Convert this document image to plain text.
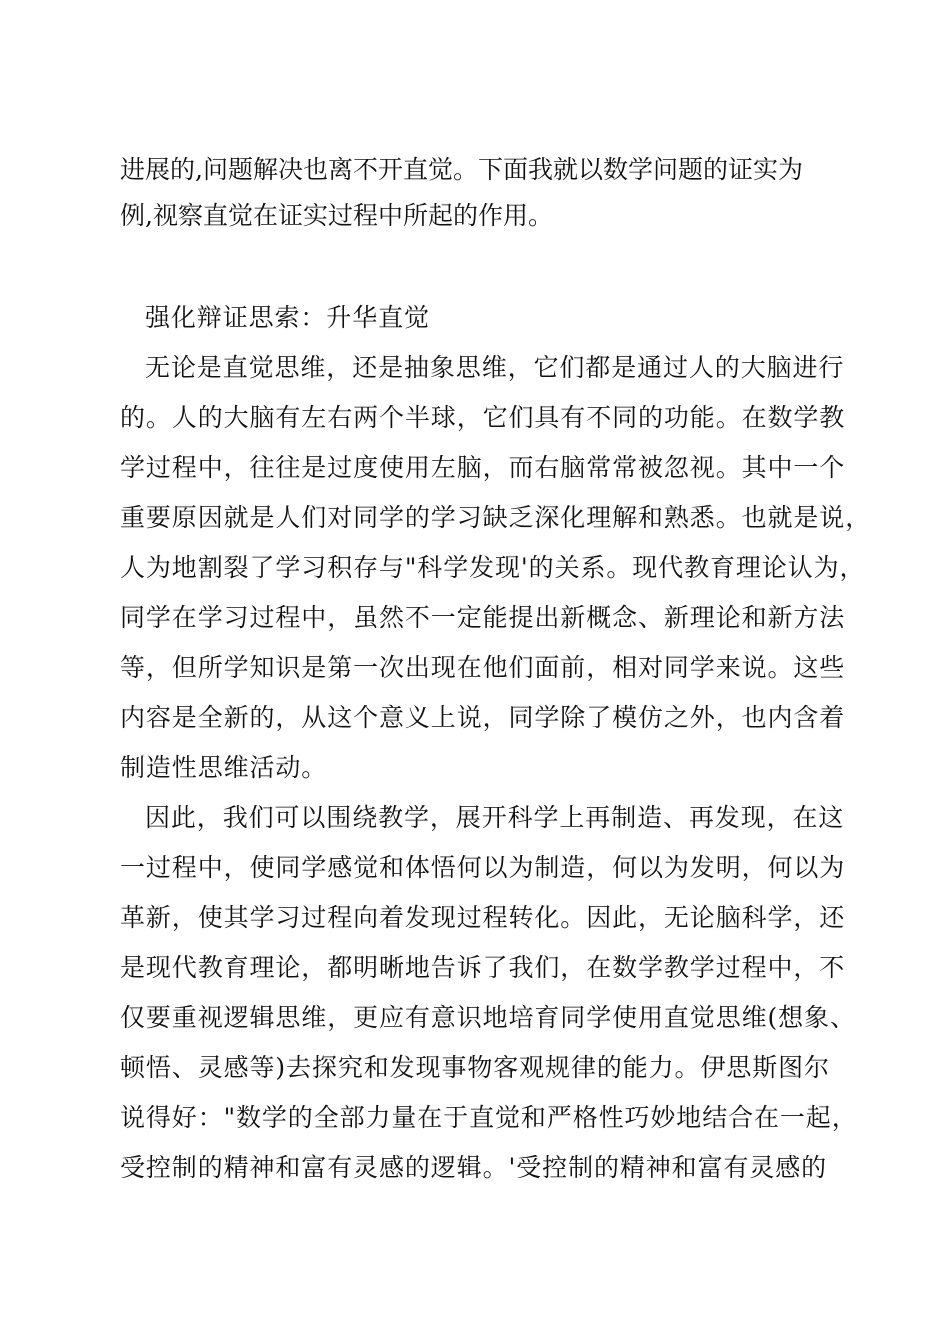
进展的,问题解决也离不开直觉。下面我就以数学问题的证实为
例,视察直觉在证实过程中所起的作用。
强化辩证思索：升华直觉
无论是直觉思维，还是抽象思维，它们都是通过人的大脑进行
的。人的大脑有左右两个半球，它们具有不同的功能。在数学教
学过程中，往往是过度使用左脑，而右脑常常被忽视。其中一个
重要原因就是人们对同学的学习缺乏深化理解和熟悉。也就是说，
人为地割裂了学习积存与"科学发现'的关系。现代教育理论认为，
同学在学习过程中，虽然不一定能提出新概念、新理论和新方法
等，但所学知识是第一次出现在他们面前，相对同学来说。这些
内容是全新的，从这个意义上说，同学除了模仿之外，也内含着
制造性思维活动。
因此，我们可以围绕教学，展开科学上再制造、再发现，在这
一过程中，使同学感觉和体悟何以为制造，何以为发明，何以为
革新，使其学习过程向着发现过程转化。因此，无论脑科学，还
是现代教育理论，都明晰地告诉了我们，在数学教学过程中，不
仅要重视逻辑思维，更应有意识地培育同学使用直觉思维(想象、
顿悟、灵感等)去探究和发现事物客观规律的能力。伊思斯图尔
说得好："数学的全部力量在于直觉和严格性巧妙地结合在一起，
受控制的精神和富有灵感的逻辑。'受控制的精神和富有灵感的
